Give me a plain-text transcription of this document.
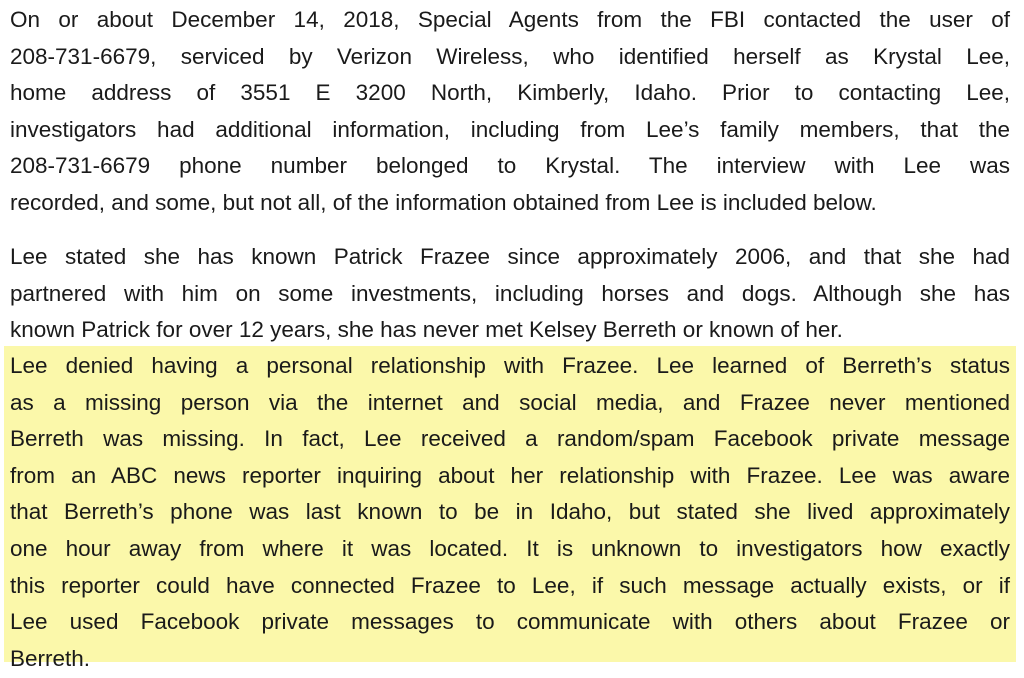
On or about December 14, 2018, Special Agents from the FBI contacted the user of
208-731-6679, serviced by Verizon Wireless, who identified herself as Krystal Lee,
home address of 3551 E 3200 North, Kimberly, Idaho. Prior to contacting Lee,
investigators had additional information, including from Lee’s family members, that the
208-731-6679 phone number belonged to Krystal. The interview with Lee was
recorded, and some, but not all, of the information obtained from Lee is included below.

Lee stated she has known Patrick Frazee since approximately 2006, and that she had
partnered with him on some investments, including horses and dogs. Although she has
known Patrick for over 12 years, she has never met Kelsey Berreth or known of her.

Lee denied having a personal relationship with Frazee. Lee learned of Berreth’s status
as a missing person via the internet and social media, and Frazee never mentioned
Berreth was missing. In fact, Lee received a random/spam Facebook private message
from an ABC news reporter inquiring about her relationship with Frazee. Lee was aware
that Berreth’s phone was last known to be in Idaho, but stated she lived approximately
one hour away from where it was located. It is unknown to investigators how exactly
this reporter could have connected Frazee to Lee, if such message actually exists, or if
Lee used Facebook private messages to communicate with others about Frazee or
Berreth.
